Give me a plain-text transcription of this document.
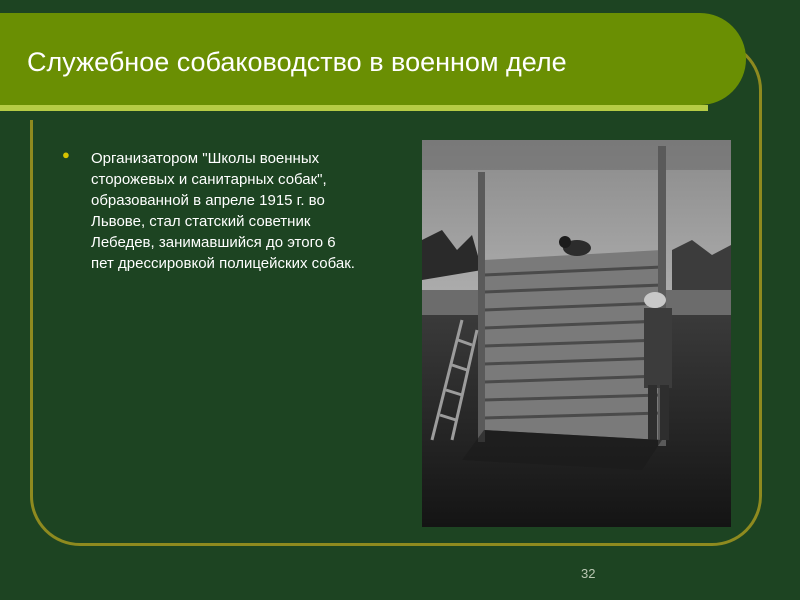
Служебное собаководство в военном деле
● Организатором "Школы военных сторожевых и санитарных собак", образованной в апреле 1915 г. во Львове, стал статский советник Лебедев, занимавшийся до этого 6 пет дрессировкой полицейских собак.

32
